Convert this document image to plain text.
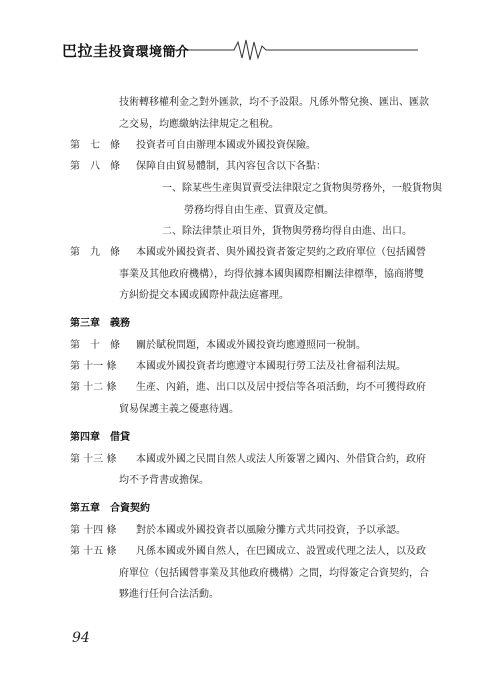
巴拉圭投資環境簡介
技術轉移權利金之對外匯款，均不予設限。凡係外幣兌換、匯出、匯款
之交易，均應繳納法律規定之租稅。
第　七　條 投資者可自由辦理本國或外國投資保險。
第　八　條 保障自由貿易體制，其內容包含以下各點：
一、除某些生產與買賣受法律限定之貨物與勞務外，一般貨物與
勞務均得自由生產、買賣及定價。
二、除法律禁止項目外，貨物與勞務均得自由進、出口。
第　九　條 本國或外國投資者、與外國投資者簽定契約之政府單位（包括國營
事業及其他政府機構），均得依據本國與國際相關法律標準，協商將雙
方糾紛提交本國或國際仲裁法庭審理。
第三章　義務
第　十　條 關於賦稅問題，本國或外國投資均應遵照同一稅制。
第 十一 條 本國或外國投資者均應遵守本國現行勞工法及社會福利法規。
第 十二 條 生產、內銷，進、出口以及居中授信等各項活動，均不可獲得政府
貿易保護主義之優惠待遇。
第四章　借貸
第 十三 條 本國或外國之民間自然人或法人所簽署之國內、外借貸合約，政府
均不予背書或擔保。
第五章　合資契約
第 十四 條 對於本國或外國投資者以風險分攤方式共同投資，予以承認。
第 十五 條 凡係本國或外國自然人，在巴國成立、設置或代理之法人，以及政
府單位（包括國營事業及其他政府機構）之間，均得簽定合資契約，合
夥進行任何合法活動。
94
